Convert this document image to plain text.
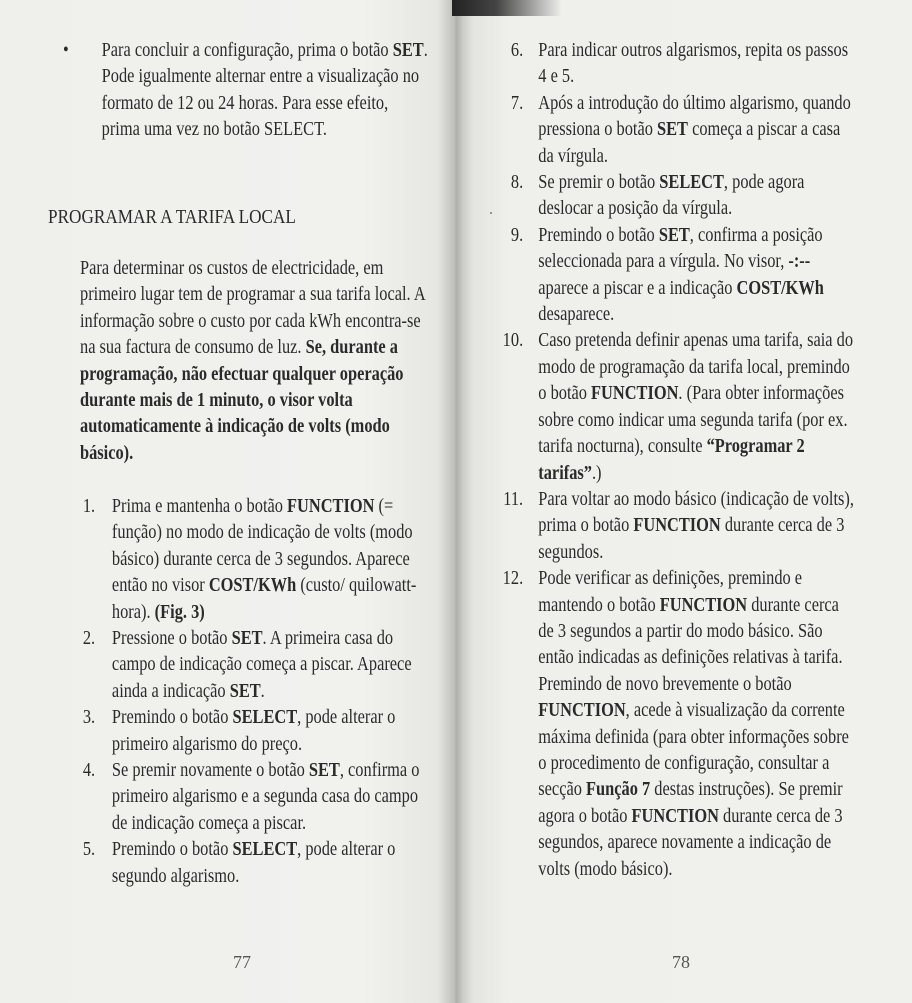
• Para concluir a configuração, prima o botão SET. Pode igualmente alternar entre a visualização no formato de 12 ou 24 horas. Para esse efeito, prima uma vez no botão SELECT.
PROGRAMAR A TARIFA LOCAL
Para determinar os custos de electricidade, em primeiro lugar tem de programar a sua tarifa local. A informação sobre o custo por cada kWh encontra-se na sua factura de consumo de luz. Se, durante a programação, não efectuar qualquer operação durante mais de 1 minuto, o visor volta automaticamente à indicação de volts (modo básico).
1. Prima e mantenha o botão FUNCTION (= função) no modo de indicação de volts (modo básico) durante cerca de 3 segundos. Aparece então no visor COST/KWh (custo/ quilowatt-hora). (Fig. 3)
2. Pressione o botão SET. A primeira casa do campo de indicação começa a piscar. Aparece ainda a indicação SET.
3. Premindo o botão SELECT, pode alterar o primeiro algarismo do preço.
4. Se premir novamente o botão SET, confirma o primeiro algarismo e a segunda casa do campo de indicação começa a piscar.
5. Premindo o botão SELECT, pode alterar o segundo algarismo.
77
6. Para indicar outros algarismos, repita os passos 4 e 5.
7. Após a introdução do último algarismo, quando pressiona o botão SET começa a piscar a casa da vírgula.
8. Se premir o botão SELECT, pode agora deslocar a posição da vírgula.
9. Premindo o botão SET, confirma a posição seleccionada para a vírgula. No visor, -:-- aparece a piscar e a indicação COST/KWh desaparece.
10. Caso pretenda definir apenas uma tarifa, saia do modo de programação da tarifa local, premindo o botão FUNCTION. (Para obter informações sobre como indicar uma segunda tarifa (por ex. tarifa nocturna), consulte “Programar 2 tarifas”.)
11. Para voltar ao modo básico (indicação de volts), prima o botão FUNCTION durante cerca de 3 segundos.
12. Pode verificar as definições, premindo e mantendo o botão FUNCTION durante cerca de 3 segundos a partir do modo básico. São então indicadas as definições relativas à tarifa. Premindo de novo brevemente o botão FUNCTION, acede à visualização da corrente máxima definida (para obter informações sobre o procedimento de configuração, consultar a secção Função 7 destas instruções). Se premir agora o botão FUNCTION durante cerca de 3 segundos, aparece novamente a indicação de volts (modo básico).
78
